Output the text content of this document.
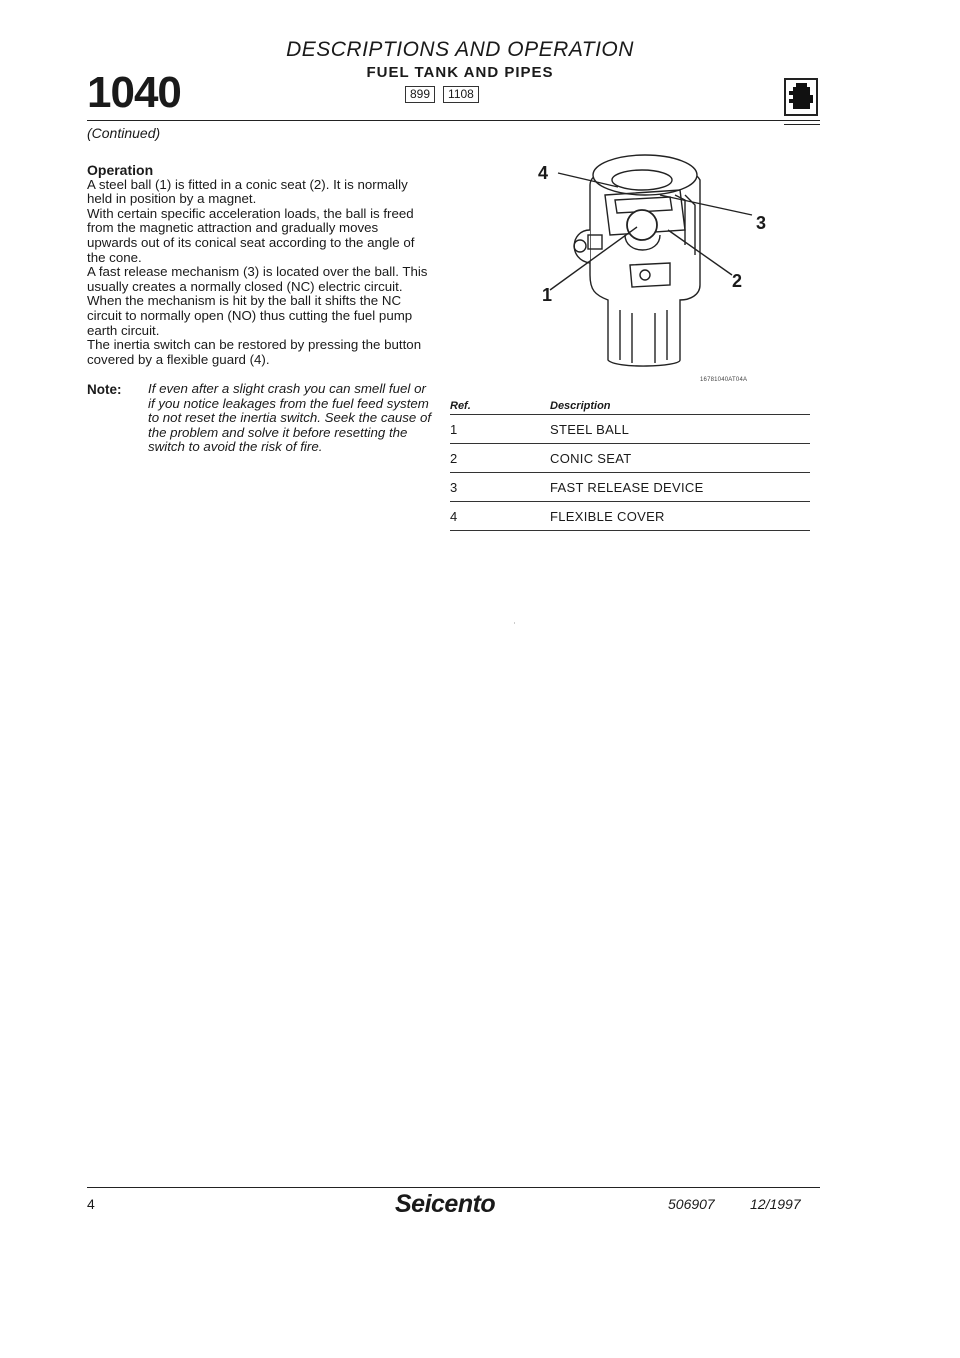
1040
DESCRIPTIONS AND OPERATION
FUEL TANK AND PIPES
899	1108
(Continued)

Operation

A steel ball (1) is fitted in a conic seat (2). It is normally held in position by a magnet.

With certain specific acceleration loads, the ball is freed from the magnetic attraction and gradually moves upwards out of its conical seat according to the angle of the cone.

A fast release mechanism (3) is located over the ball. This usually creates a normally closed (NC) electric circuit.

When the mechanism is hit by the ball it shifts the NC circuit to normally open (NO) thus cutting the fuel pump earth circuit.

The inertia switch can be restored by pressing the button covered by a flexible guard (4).

Note: If even after a slight crash you can smell fuel or if you notice leakages from the fuel feed system to not reset the inertia switch. Seek the cause of the problem and solve it before resetting the switch to avoid the risk of fire.
4
3
2
1
16781040AT04A
Ref.	Description
1	STEEL BALL
2	CONIC SEAT
3	FAST RELEASE DEVICE
4	FLEXIBLE COVER
4	Seicento	506907	12/1997
